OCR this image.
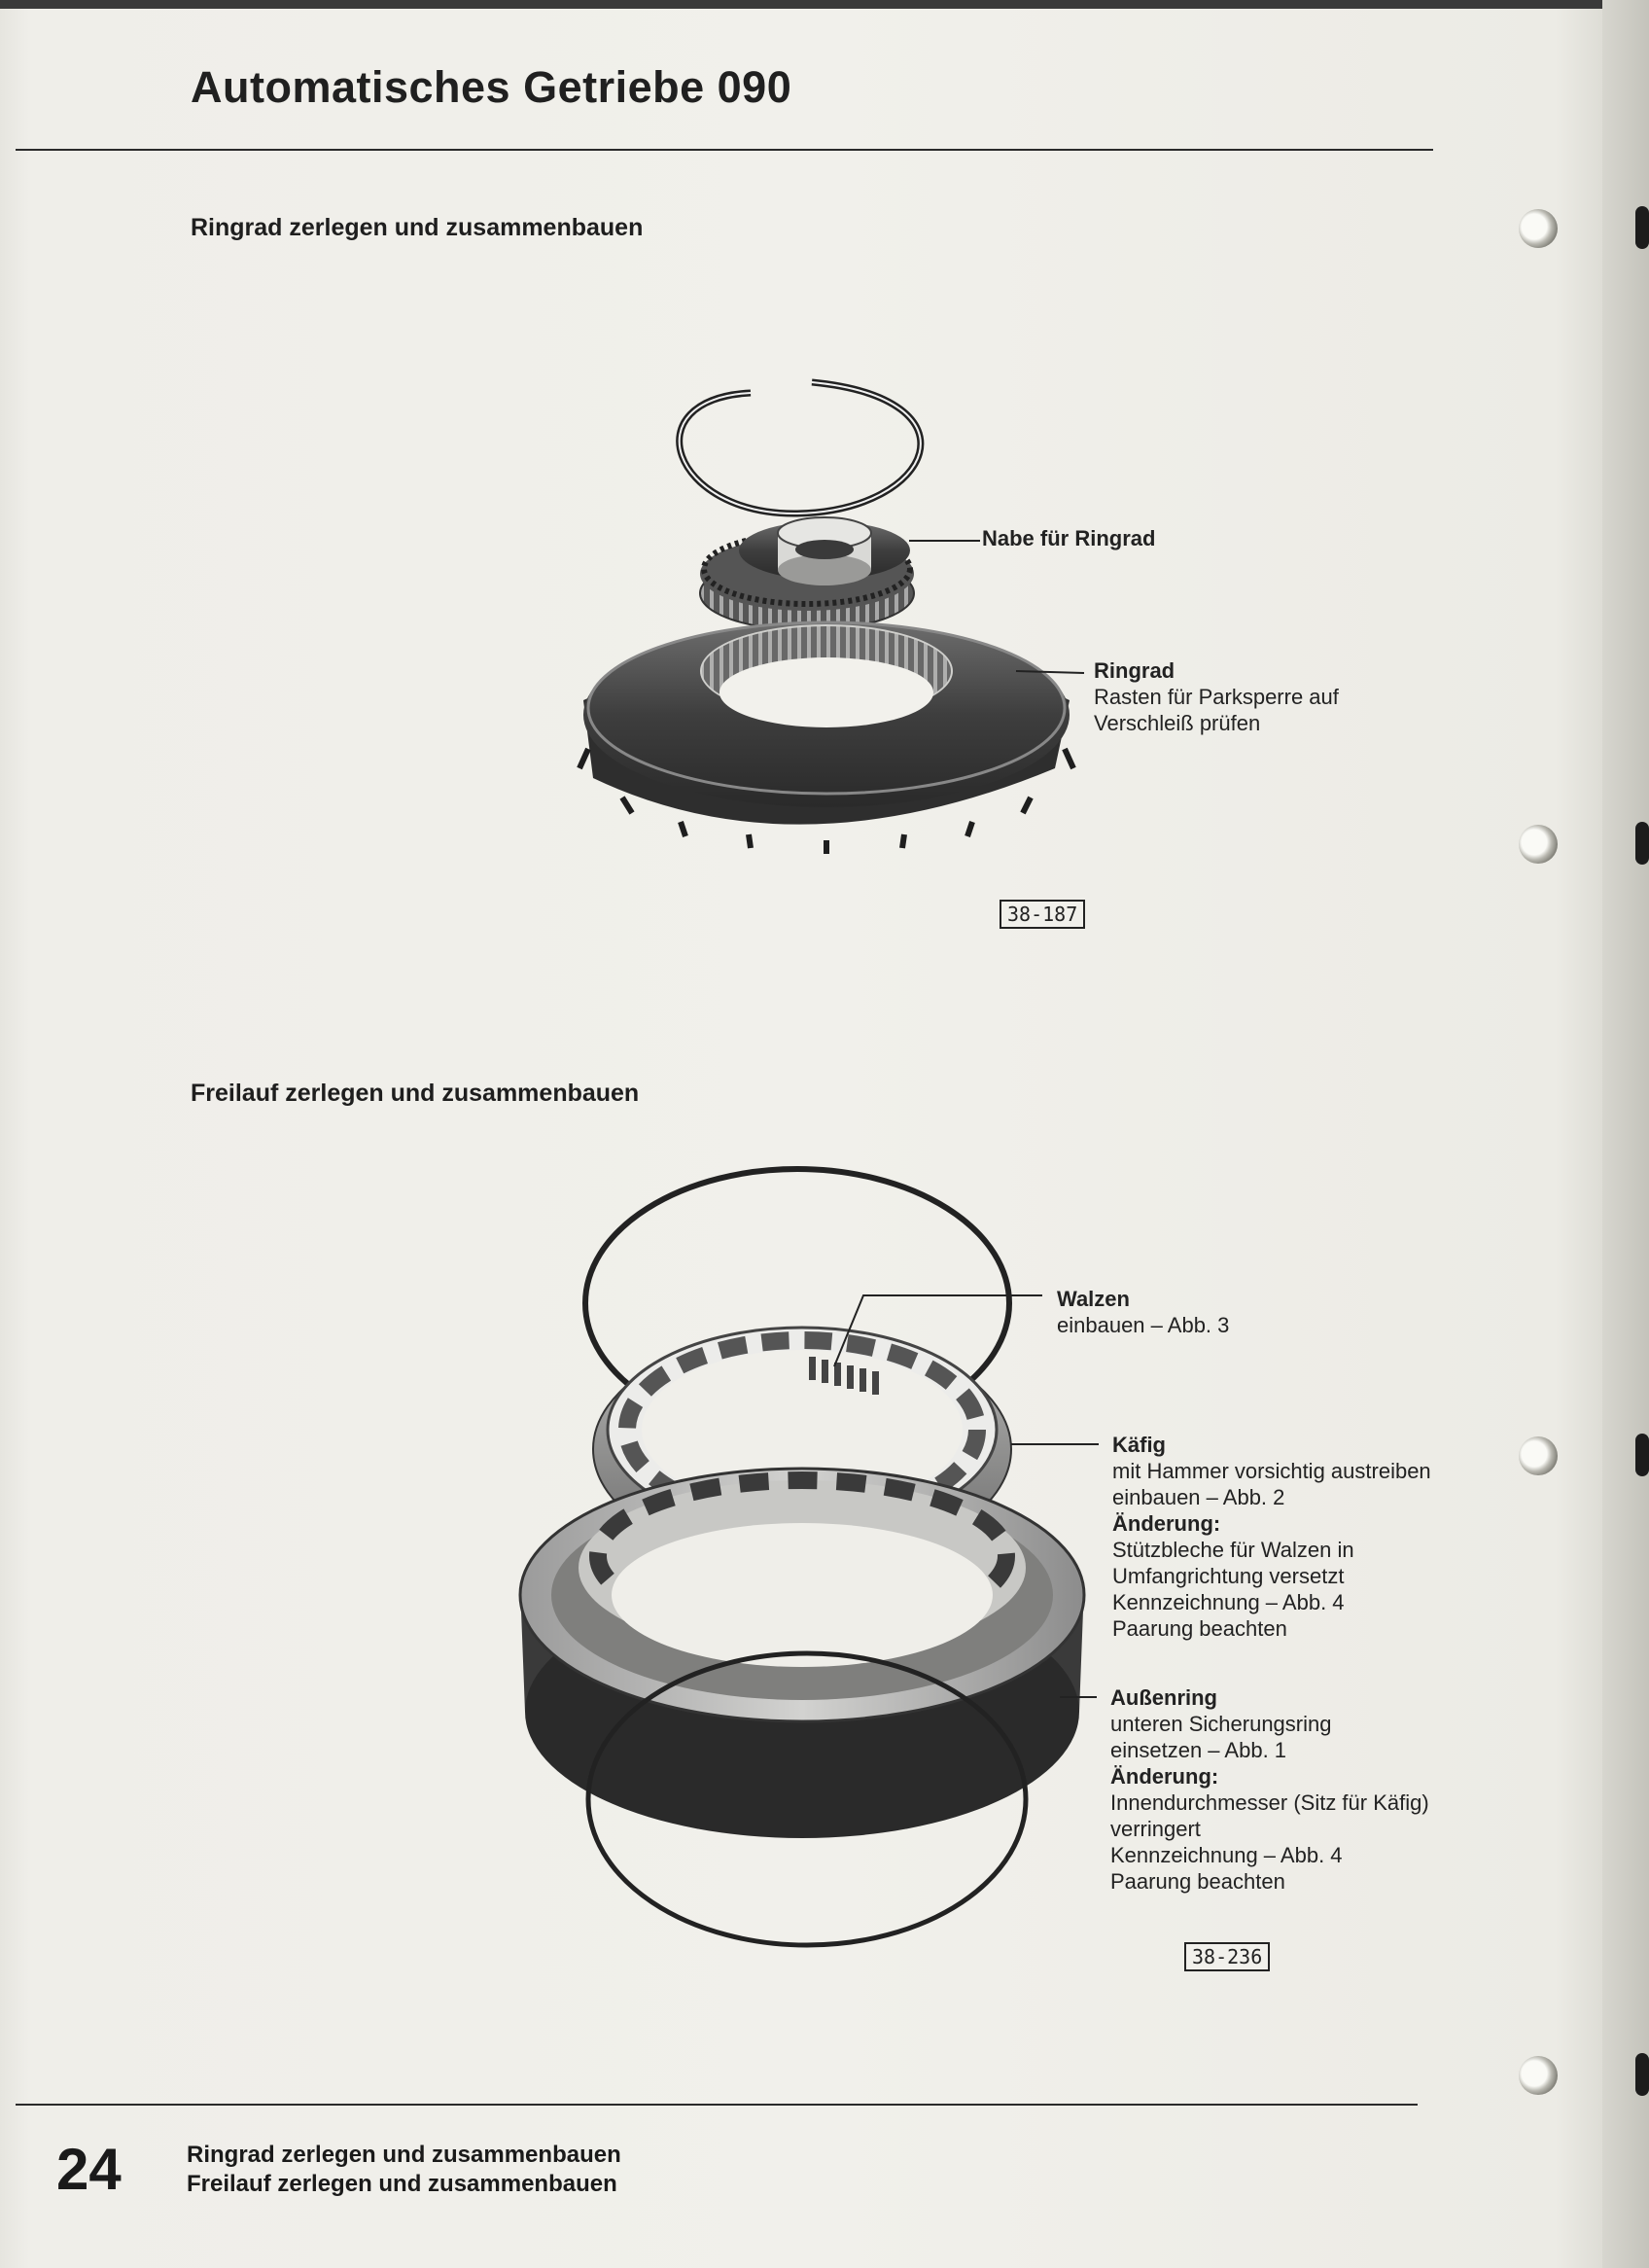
Automatisches Getriebe 090
Ringrad zerlegen und zusammenbauen
Nabe für Ringrad
Ringrad
Rasten für Parksperre auf
Verschleiß prüfen
38-187
Freilauf zerlegen und zusammenbauen
Walzen
einbauen – Abb. 3
Käfig
mit Hammer vorsichtig austreiben
einbauen – Abb. 2
Änderung:
Stützbleche für Walzen in
Umfangrichtung versetzt
Kennzeichnung – Abb. 4
Paarung beachten
Außenring
unteren Sicherungsring
einsetzen – Abb. 1
Änderung:
Innendurchmesser (Sitz für Käfig)
verringert
Kennzeichnung – Abb. 4
Paarung beachten
38-236
24	Ringrad zerlegen und zusammenbauen
Freilauf zerlegen und zusammenbauen
